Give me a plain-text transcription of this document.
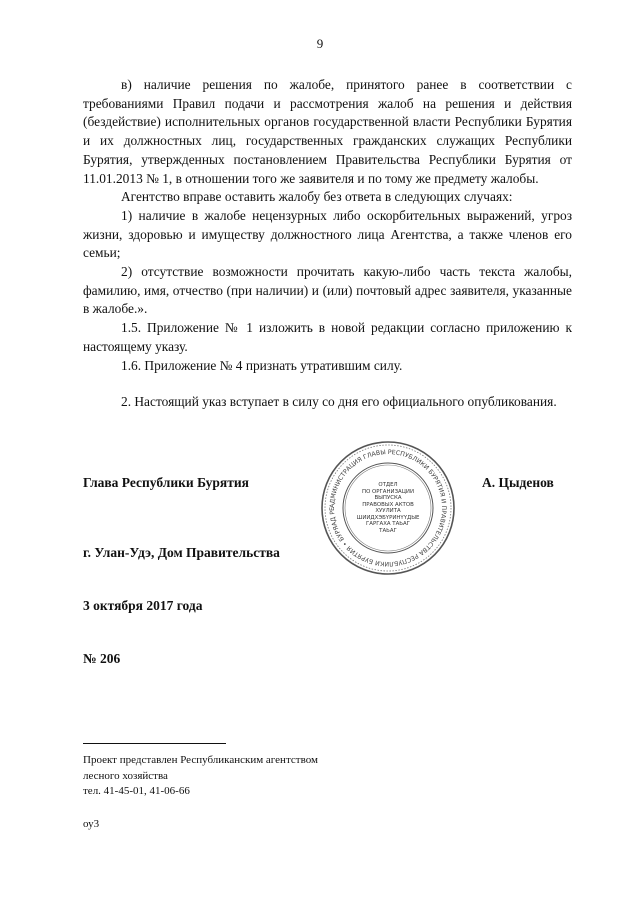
9

в) наличие решения по жалобе, принятого ранее в соответствии с требованиями Правил подачи и рассмотрения жалоб на решения и действия (бездействие) исполнительных органов государственной власти Республики Бурятия и их должностных лиц, государственных гражданских служащих Республики Бурятия, утвержденных постановлением Правительства Республики Бурятия от 11.01.2013 № 1, в отношении того же заявителя и по тому же предмету жалобы.

Агентство вправе оставить жалобу без ответа в следующих случаях:

1) наличие в жалобе нецензурных либо оскорбительных выражений, угроз жизни, здоровью и имуществу должностного лица Агентства, а также членов его семьи;

2) отсутствие возможности прочитать какую-либо часть текста жалобы, фамилию, имя, отчество (при наличии) и (или) почтовый адрес заявителя, указанные в жалобе.».

1.5. Приложение № 1 изложить в новой редакции согласно приложению к настоящему указу.

1.6. Приложение № 4 признать утратившим силу.

2. Настоящий указ вступает в силу со дня его официального опубликования.

Глава Республики Бурятия	А. Цыденов
АДМИНИСТРАЦИЯ ГЛАВЫ РЕСПУБЛИКИ БУРЯТИЯ И ПРАВИТЕЛЬСТВА РЕСПУБЛИКИ БУРЯТИЯ • БУРЯАД РЕ
ОТДЕЛ
ПО ОРГАНИЗАЦИИ
ВЫПУСКА
ПРАВОВЫХ АКТОВ
ХУУЛИТА
ШИИДХЭБҮРИНҮҮДЫЕ
ГАРГАХА ТАЬАГ
ТАЬАГ
г. Улан-Удэ, Дом Правительства
3 октября 2017 года
№ 206
Проект представлен Республиканским агентством
лесного хозяйства
тел. 41-45-01, 41-06-66
оу3
